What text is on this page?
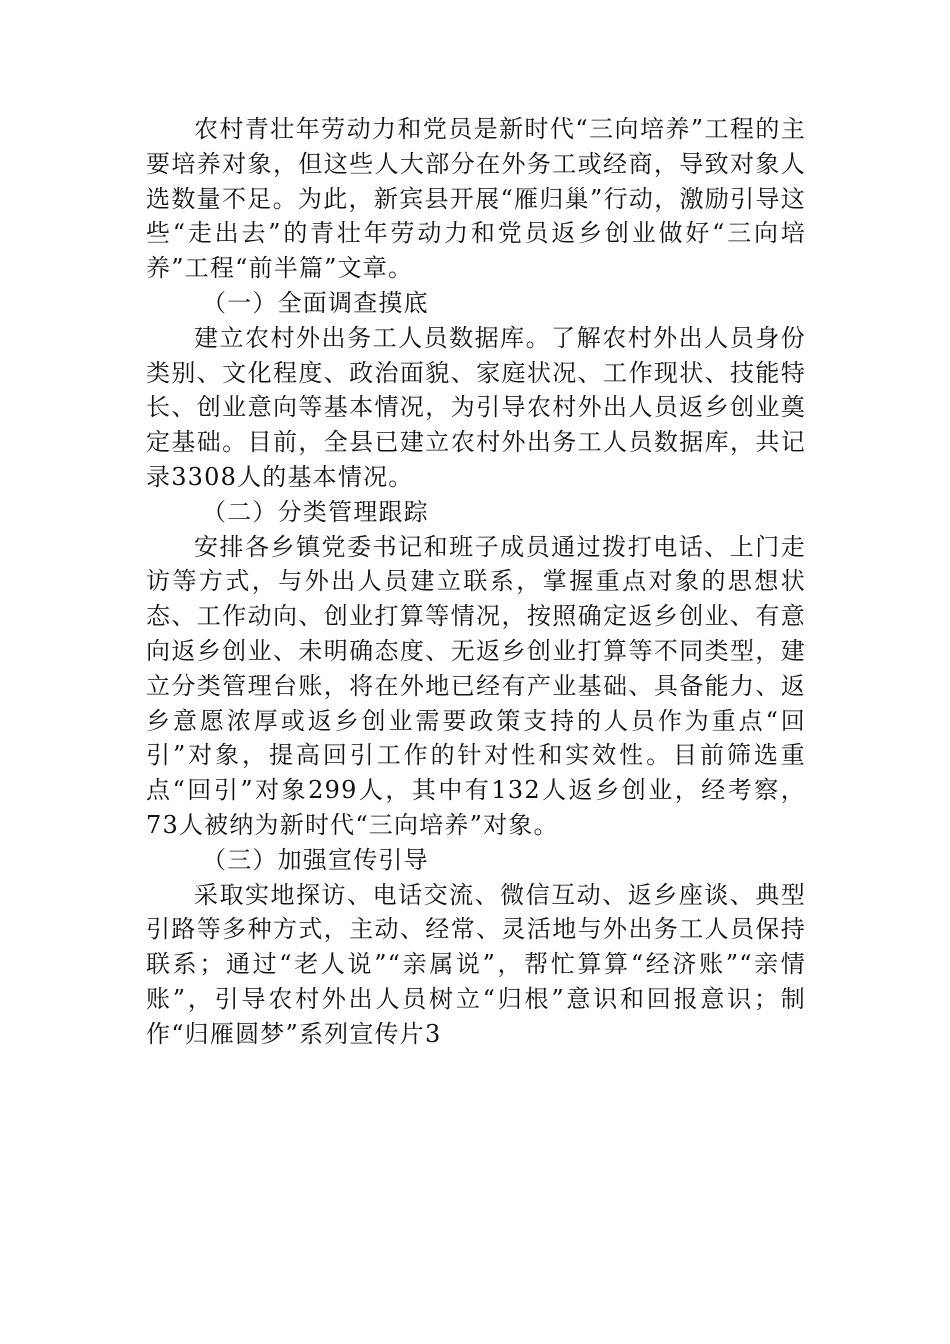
农村青壮年劳动力和党员是新时代“三向培养”工程的主要培养对象，但这些人大部分在外务工或经商，导致对象人选数量不足。为此，新宾县开展“雁归巢”行动，激励引导这些“走出去”的青壮年劳动力和党员返乡创业做好“三向培养”工程“前半篇”文章。

（一）全面调查摸底

建立农村外出务工人员数据库。了解农村外出人员身份类别、文化程度、政治面貌、家庭状况、工作现状、技能特长、创业意向等基本情况，为引导农村外出人员返乡创业奠定基础。目前，全县已建立农村外出务工人员数据库，共记录3308人的基本情况。

（二）分类管理跟踪

安排各乡镇党委书记和班子成员通过拨打电话、上门走访等方式，与外出人员建立联系，掌握重点对象的思想状态、工作动向、创业打算等情况，按照确定返乡创业、有意向返乡创业、未明确态度、无返乡创业打算等不同类型，建立分类管理台账，将在外地已经有产业基础、具备能力、返乡意愿浓厚或返乡创业需要政策支持的人员作为重点“回引”对象，提高回引工作的针对性和实效性。目前筛选重点“回引”对象299人，其中有132人返乡创业，经考察，73人被纳为新时代“三向培养”对象。

（三）加强宣传引导

采取实地探访、电话交流、微信互动、返乡座谈、典型引路等多种方式，主动、经常、灵活地与外出务工人员保持联系；通过“老人说”“亲属说”，帮忙算算“经济账”“亲情账”，引导农村外出人员树立“归根”意识和回报意识；制作“归雁圆梦”系列宣传片3
